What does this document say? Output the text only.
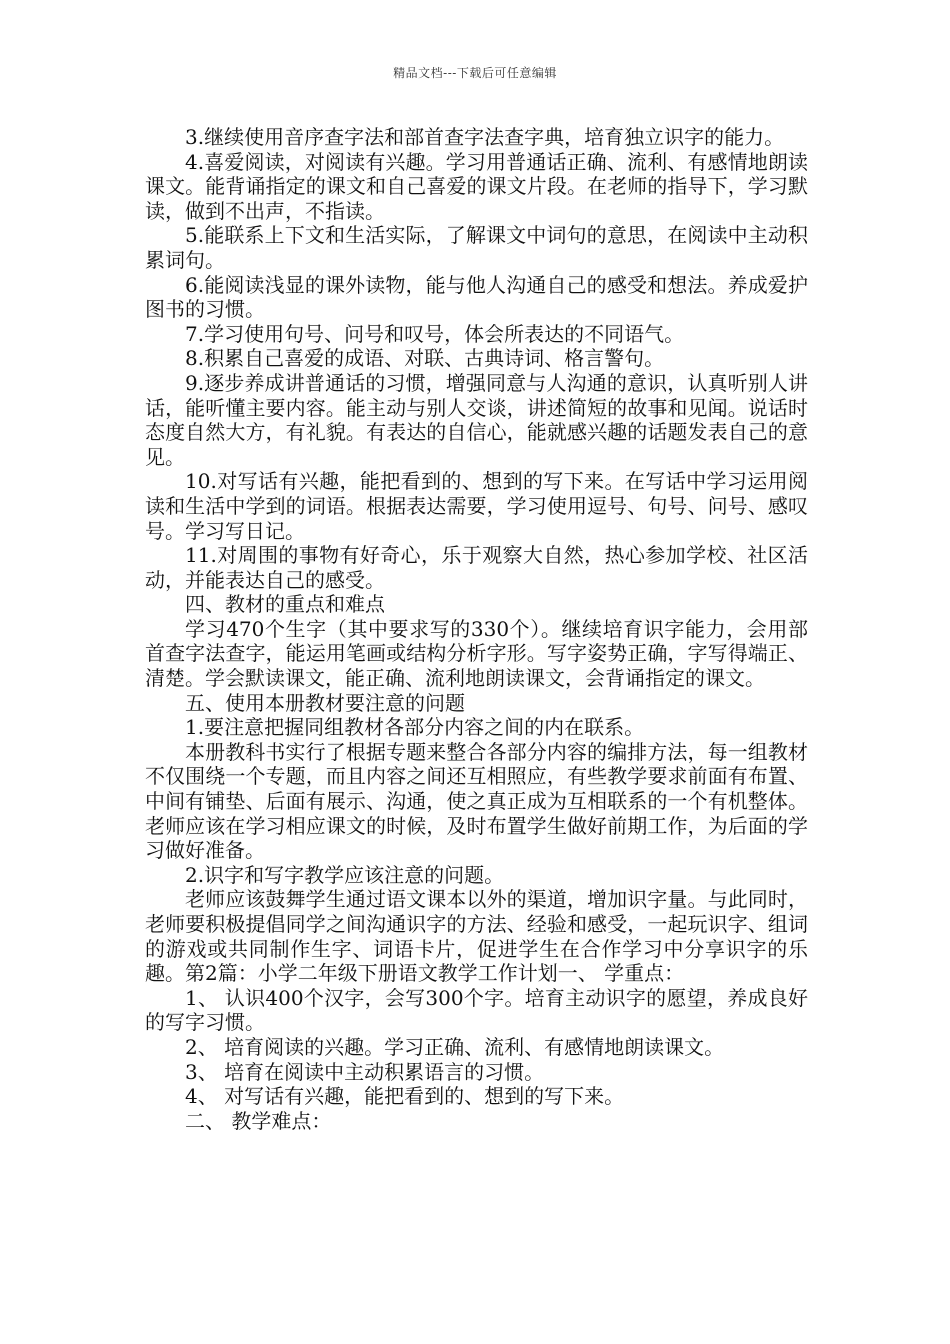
精品文档---下载后可任意编辑

3.继续使用音序查字法和部首查字法查字典，培育独立识字的能力。

4.喜爱阅读，对阅读有兴趣。学习用普通话正确、流利、有感情地朗读课文。能背诵指定的课文和自己喜爱的课文片段。在老师的指导下，学习默读，做到不出声，不指读。

5.能联系上下文和生活实际，了解课文中词句的意思，在阅读中主动积累词句。

6.能阅读浅显的课外读物，能与他人沟通自己的感受和想法。养成爱护图书的习惯。

7.学习使用句号、问号和叹号，体会所表达的不同语气。

8.积累自己喜爱的成语、对联、古典诗词、格言警句。

9.逐步养成讲普通话的习惯，增强同意与人沟通的意识，认真听别人讲话，能听懂主要内容。能主动与别人交谈，讲述简短的故事和见闻。说话时态度自然大方，有礼貌。有表达的自信心，能就感兴趣的话题发表自己的意见。

10.对写话有兴趣，能把看到的、想到的写下来。在写话中学习运用阅读和生活中学到的词语。根据表达需要，学习使用逗号、句号、问号、感叹号。学习写日记。

11.对周围的事物有好奇心，乐于观察大自然，热心参加学校、社区活动，并能表达自己的感受。

四、教材的重点和难点

学习470个生字（其中要求写的330个）。继续培育识字能力，会用部首查字法查字，能运用笔画或结构分析字形。写字姿势正确，字写得端正、清楚。学会默读课文，能正确、流利地朗读课文，会背诵指定的课文。

五、使用本册教材要注意的问题

1.要注意把握同组教材各部分内容之间的内在联系。

本册教科书实行了根据专题来整合各部分内容的编排方法，每一组教材不仅围绕一个专题，而且内容之间还互相照应，有些教学要求前面有布置、中间有铺垫、后面有展示、沟通，使之真正成为互相联系的一个有机整体。老师应该在学习相应课文的时候，及时布置学生做好前期工作，为后面的学习做好准备。

2.识字和写字教学应该注意的问题。

老师应该鼓舞学生通过语文课本以外的渠道，增加识字量。与此同时，老师要积极提倡同学之间沟通识字的方法、经验和感受，一起玩识字、组词的游戏或共同制作生字、词语卡片，促进学生在合作学习中分享识字的乐趣。第2篇：小学二年级下册语文教学工作计划一、 学重点：

1、 认识400个汉字，会写300个字。培育主动识字的愿望，养成良好的写字习惯。

2、 培育阅读的兴趣。学习正确、流利、有感情地朗读课文。

3、 培育在阅读中主动积累语言的习惯。

4、 对写话有兴趣，能把看到的、想到的写下来。

二、 教学难点：
